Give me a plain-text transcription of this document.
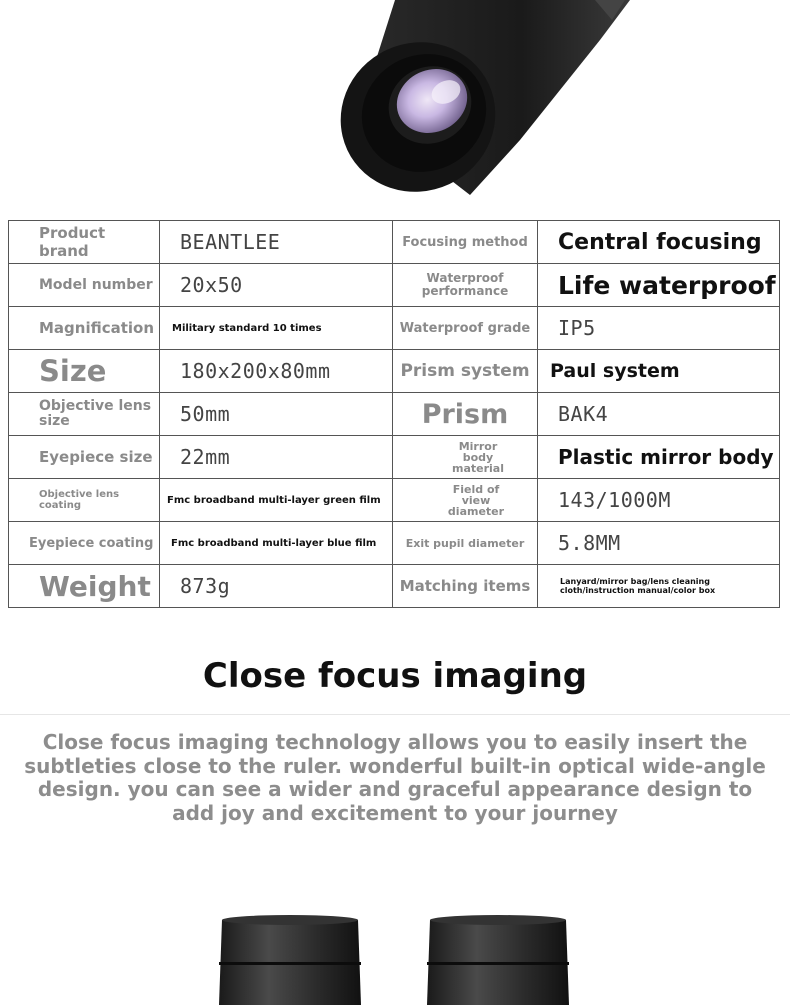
Product brand	BEANTLEE	Focusing method	Central focusing

Model number	20x50	Waterproof performance	Life waterproof

Magnification	Military standard 10 times	Waterproof grade	IP5

Size	180x200x80mm	Prism system	Paul system

Objective lens size	50mm	Prism	BAK4

Eyepiece size	22mm	Mirror body material	Plastic mirror body

Objective lens coating	Fmc broadband multi-layer green film	Field of view diameter	143/1000M

Eyepiece coating	Fmc broadband multi-layer blue film	Exit pupil diameter	5.8MM

Weight	873g	Matching items	Lanyard/mirror bag/lens cleaning cloth/instruction manual/color box
Close focus imaging

Close focus imaging technology allows you to easily insert the subtleties close to the ruler. wonderful built-in optical wide-angle design. you can see a wider and graceful appearance design to add joy and excitement to your journey
